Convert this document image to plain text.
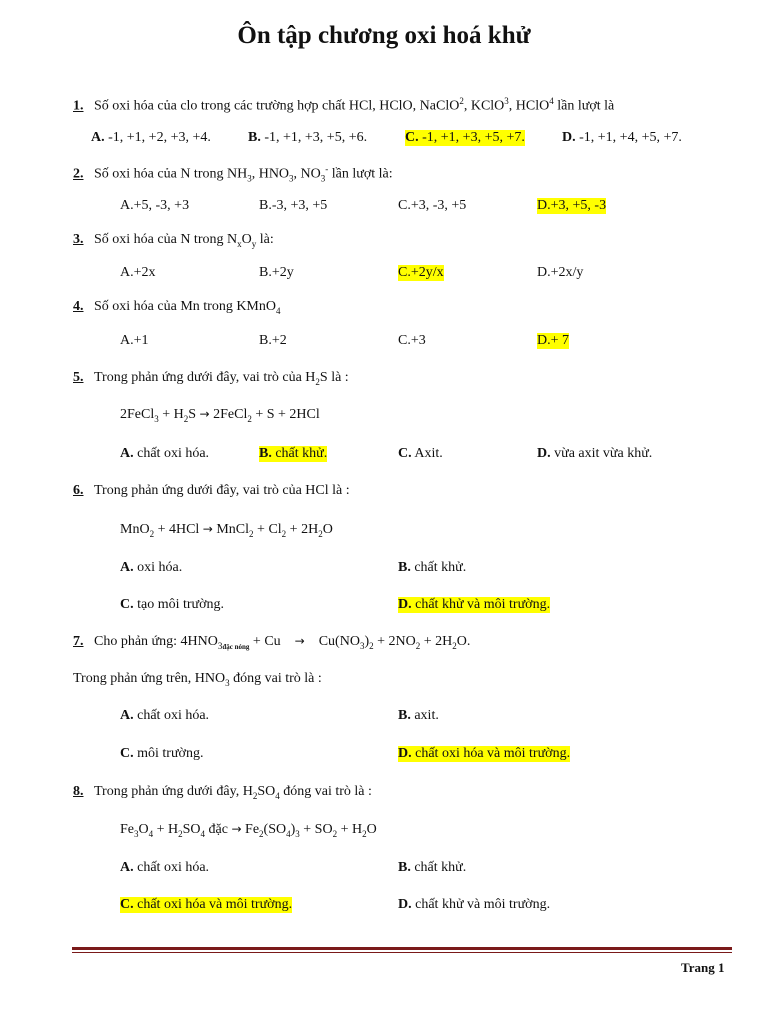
Ôn tập chương oxi hoá khử
1. Số oxi hóa của clo trong các trường hợp chất HCl, HClO, NaClO$^2$, KClO$^3$, HClO$^4$ lần lượt là
A. -1, +1, +2, +3, +4.	B. -1, +1, +3, +5, +6.	C. -1, +1, +3, +5, +7.	D. -1, +1, +4, +5, +7.
2. Số oxi hóa của N trong $NH_3$, $HNO_3$, $NO_3^-$ lần lượt là:
A.+5, -3, +3	B.-3, +3, +5	C.+3, -3, +5	D.+3, +5, -3
3. Số oxi hóa của N trong $N_xO_y$ là:
A.+2x	B.+2y	C.+2y/x	D.+2x/y
4. Số oxi hóa của Mn trong KMnO$_4$
A.+1	B.+2	C.+3	D.+ 7
5. Trong phản ứng dưới đây, vai trò của $H_2S$ là :
2FeCl$_3$ + $H_2S$ → 2FeCl$_2$ + S + 2HCl
A. chất oxi hóa.	B. chất khử.	C. Axit.	D. vừa axit vừa khử.
6. Trong phản ứng dưới đây, vai trò của HCl là :
MnO$_2$ + 4HCl → MnCl$_2$ + $Cl_2 + 2H_2O$
A. oxi hóa.	B. chất khử.
C. tạo môi trường.	D. chất khử và môi trường.
7. Cho phản ứng: $4HNO_{3đặc nóng} + Cu \to Cu(NO_3)_2 + 2NO_2 + 2H_2O$.
Trong phản ứng trên, $HNO_3$ đóng vai trò là :
A. chất oxi hóa.	B. axit.
C. môi trường.	D. chất oxi hóa và môi trường.
8. Trong phản ứng dưới đây, $H_2SO_4$ đóng vai trò là :
$Fe_3O_4 + H_2SO_4$ đặc → $Fe_2(SO_4)_3 + SO_2 + H_2O$
A. chất oxi hóa.	B. chất khử.
C. chất oxi hóa và môi trường.	D. chất khử và môi trường.
Trang 1
